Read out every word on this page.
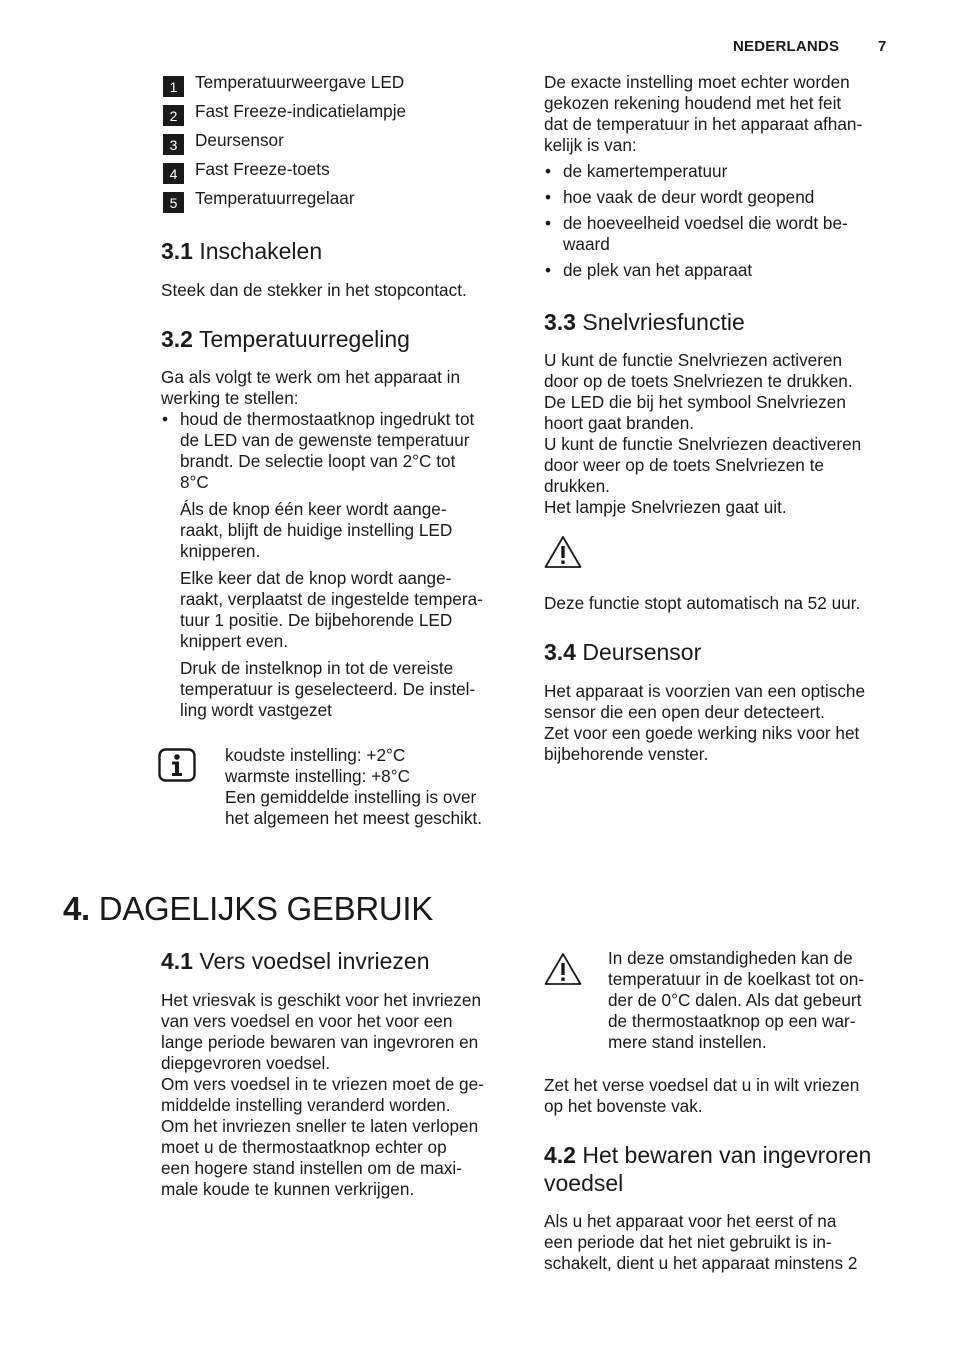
NEDERLANDS	7
1	Temperatuurweergave LED
2	Fast Freeze-indicatielampje
3	Deursensor
4	Fast Freeze-toets
5	Temperatuurregelaar
3.1 Inschakelen

Steek dan de stekker in het stopcontact.

3.2 Temperatuurregeling

Ga als volgt te werk om het apparaat in
werking te stellen:

• houd de thermostaatknop ingedrukt tot
de LED van de gewenste temperatuur
brandt. De selectie loopt van 2°C tot
8°C

Áls de knop één keer wordt aange-
raakt, blijft de huidige instelling LED
knipperen.

Elke keer dat de knop wordt aange-
raakt, verplaatst de ingestelde tempera-
tuur 1 positie. De bijbehorende LED
knippert even.

Druk de instelknop in tot de vereiste
temperatuur is geselecteerd. De instel-
ling wordt vastgezet

koudste instelling: +2°C
warmste instelling: +8°C
Een gemiddelde instelling is over
het algemeen het meest geschikt.

De exacte instelling moet echter worden
gekozen rekening houdend met het feit
dat de temperatuur in het apparaat afhan-
kelijk is van:

• de kamertemperatuur
• hoe vaak de deur wordt geopend
• de hoeveelheid voedsel die wordt be-
waard
• de plek van het apparaat
3.3 Snelvriesfunctie

U kunt de functie Snelvriezen activeren
door op de toets Snelvriezen te drukken.
De LED die bij het symbool Snelvriezen
hoort gaat branden.
U kunt de functie Snelvriezen deactiveren
door weer op de toets Snelvriezen te
drukken.
Het lampje Snelvriezen gaat uit.

Deze functie stopt automatisch na 52 uur.

3.4 Deursensor

Het apparaat is voorzien van een optische
sensor die een open deur detecteert.
Zet voor een goede werking niks voor het
bijbehorende venster.

4. DAGELIJKS GEBRUIK
4.1 Vers voedsel invriezen

Het vriesvak is geschikt voor het invriezen
van vers voedsel en voor het voor een
lange periode bewaren van ingevroren en
diepgevroren voedsel.
Om vers voedsel in te vriezen moet de ge-
middelde instelling veranderd worden.
Om het invriezen sneller te laten verlopen
moet u de thermostaatknop echter op
een hogere stand instellen om de maxi-
male koude te kunnen verkrijgen.

In deze omstandigheden kan de
temperatuur in de koelkast tot on-
der de 0°C dalen. Als dat gebeurt
de thermostaatknop op een war-
mere stand instellen.

Zet het verse voedsel dat u in wilt vriezen
op het bovenste vak.

4.2 Het bewaren van ingevroren
voedsel

Als u het apparaat voor het eerst of na
een periode dat het niet gebruikt is in-
schakelt, dient u het apparaat minstens 2
